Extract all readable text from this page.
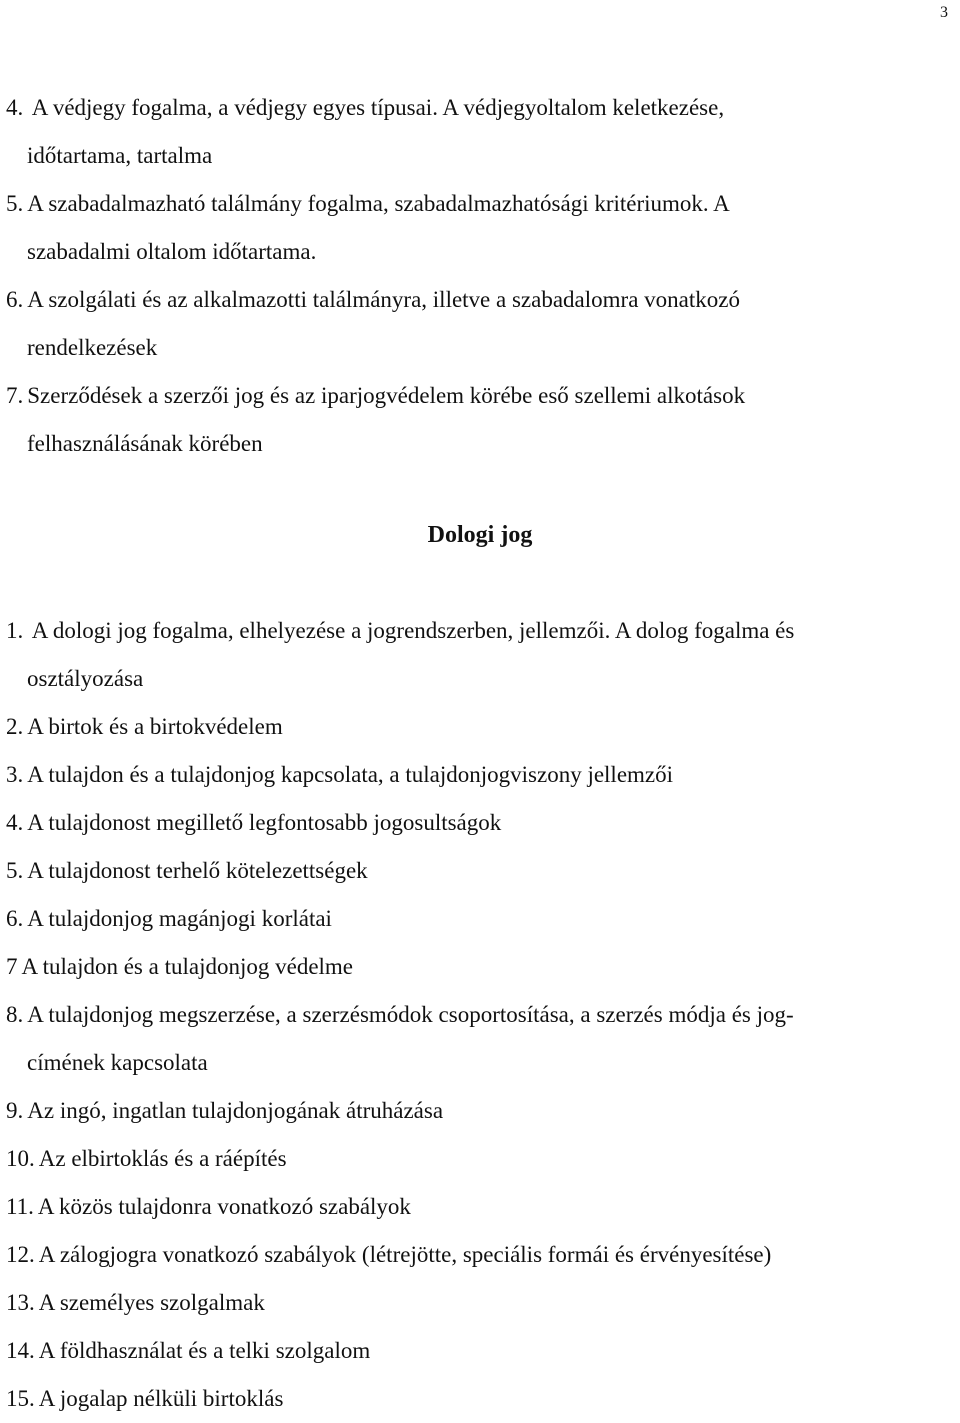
3
4. A védjegy fogalma, a védjegy egyes típusai. A védjegyoltalom keletkezése,
időtartama, tartalma
5. A szabadalmazható találmány fogalma, szabadalmazhatósági kritériumok. A
szabadalmi oltalom időtartama.
6. A szolgálati és az alkalmazotti találmányra, illetve a szabadalomra vonatkozó
rendelkezések
7. Szerződések a szerzői jog és az iparjogvédelem körébe eső szellemi alkotások
felhasználásának körében
Dologi jog
1. A dologi jog fogalma, elhelyezése a jogrendszerben, jellemzői. A dolog fogalma és
osztályozása
2. A birtok és a birtokvédelem
3. A tulajdon és a tulajdonjog kapcsolata, a tulajdonjogviszony jellemzői
4. A tulajdonost megillető legfontosabb jogosultságok
5. A tulajdonost terhelő kötelezettségek
6. A tulajdonjog magánjogi korlátai
7 A tulajdon és a tulajdonjog védelme
8. A tulajdonjog megszerzése, a szerzésmódok csoportosítása, a szerzés módja és jog-
címének kapcsolata
9. Az ingó, ingatlan tulajdonjogának átruházása
10. Az elbirtoklás és a ráépítés
11. A közös tulajdonra vonatkozó szabályok
12. A zálogjogra vonatkozó szabályok (létrejötte, speciális formái és érvényesítése)
13. A személyes szolgalmak
14. A földhasználat és a telki szolgalom
15. A jogalap nélküli birtoklás
